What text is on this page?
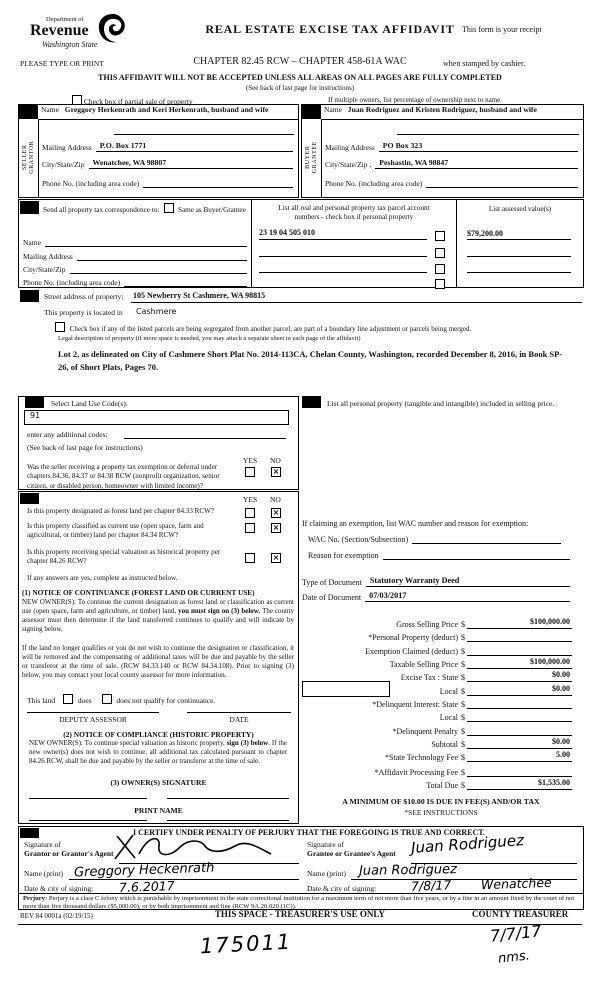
Department of
Revenue
Washington State
REAL ESTATE EXCISE TAX AFFIDAVIT This form is your receipt
PLEASE TYPE OR PRINT	CHAPTER 82.45 RCW – CHAPTER 458-61A WAC	when stamped by cashier.
THIS AFFIDAVIT WILL NOT BE ACCEPTED UNLESS ALL AREAS ON ALL PAGES ARE FULLY COMPLETED
(See back of last page for instructions)
Check box if partial sale of property	If multiple owners, list percentage of ownership next to name
SELLER GRANTOR
Name Greggory Herkenrath and Keri Herkenrath, husband and wife
Mailing Address	P.O. Box 1771
City/State/Zip	Wenatchee, WA 98807
Phone No. (including area code)
BUYER GRANTEE
Name Juan Rodriguez and Kristen Rodriguez, husband and wife
Mailing Address	PO Box 323
City/State/Zip ,	Peshastin, WA 98847
Phone No. (including area code)
Send all property tax correspondence to:	Same as Buyer/Grantee
Name
Mailing Address
City/State/Zip
Phone No. (including area code)
List all real and personal property tax parcel account
numbers - check box if personal property
23 19 04 505 010
List assessed value(s)
$79,200.00
Street address of property: 105 Newberry St Cashmere, WA 98815
This property is located in Cashmere
Check box if any of the listed parcels are being segregated from another parcel, are part of a boundary line adjustment or parcels being merged.
Legal description of property (if more space is needed, you may attach a separate sheet to each page of the affidavit)
Lot 2, as delineated on City of Cashmere Short Plat No. 2014-113CA, Chelan County, Washington, recorded December 8, 2016, in Book SP-26, of Short Plats, Pages 70.
Select Land Use Code(s):
91
enter any additional codes:
(See back of last page for instructions)
YES NO
Was the seller receiving a property tax exemption or deferral under chapters 84.36, 84.37 or 84.38 RCW (nonprofit organization, senior citizen, or disabled person, homeowner with limited income)?
×
List all personal property (tangible and intangible) included in selling price.
YES NO
Is this property designated as forest land per chapter 84.33 RCW?	×
Is this property classified as current use (open space, farm and agricultural, or timber) land per chapter 84.34 RCW?
×
Is this property receiving special valuation as historical property per chapter 84.26 RCW?	×
If any answers are yes, complete as instructed below.
(1) NOTICE OF CONTINUANCE (FOREST LAND OR CURRENT USE)
NEW OWNER(S): To continue the current designation as forest land or classification as current use (open space, farm and agriculture, or timber) land, you must sign on (3) below. The county assessor must then determine if the land transferred continues to qualify and will indicate by signing below.
If the land no longer qualifies or you do not wish to continue the designation or classification, it will be removed and the compensating or additional taxes will be due and payable by the seller or transferor at the time of sale. (RCW 84.33.140 or RCW 84.34.108). Prior to signing (3) below, you may contact your local county assessor for more information.
This land	does	does not qualify for continuance.
DEPUTY ASSESSOR	DATE
(2) NOTICE OF COMPLIANCE (HISTORIC PROPERTY)
NEW OWNER(S): To continue special valuation as historic property, sign (3) below. If the new owner(s) does not wish to continue, all additional tax calculated pursuant to chapter 84.26 RCW, shall be due and payable by the seller or transferor at the time of sale.
(3) OWNER(S) SIGNATURE
PRINT NAME
If claiming an exemption, list WAC number and reason for exemption:
WAC No. (Section/Subsection)
Reason for exemption
Type of Document Statutory Warranty Deed
Date of Document 07/03/2017
Gross Selling Price $	$100,000.00
*Personal Property (deduct) $
Exemption Claimed (deduct) $
Taxable Selling Price $	$100,000.00
Excise Tax : State $	$0.00
Local $	$0.00
*Delinquent Interest: State $
Local $
*Delinquent Penalty $
Subtotal $	$0.00
*State Technology Fee $	5.00
*Affidavit Processing Fee $
Total Due $	$1,535.00
A MINIMUM OF $10.00 IS DUE IN FEE(S) AND/OR TAX
*SEE INSTRUCTIONS
I CERTIFY UNDER PENALTY OF PERJURY THAT THE FOREGOING IS TRUE AND CORRECT.
Signature of
Grantor or Grantor's Agent
Name (print) Greggory Heckenrath
Date & city of signing: 7.6.2017
Signature of
Grantee or Grantee's Agent Juan Rodriguez
Name (print) Juan Rodriguez
Date & city of signing:	7/8/17 Wenatchee
Perjury: Perjury is a class C felony which is punishable by imprisonment in the state correctional institution for a maximum term of not more than five years, or by a fine in an amount fixed by the court of not more than five thousand dollars ($5,000.00), or by both imprisonment and fine (RCW 9A.20.020 (1C)).
REV 84 0001a (02/19/15)	THIS SPACE - TREASURER'S USE ONLY	COUNTY TREASURER
175011	7/7/17
nms.
